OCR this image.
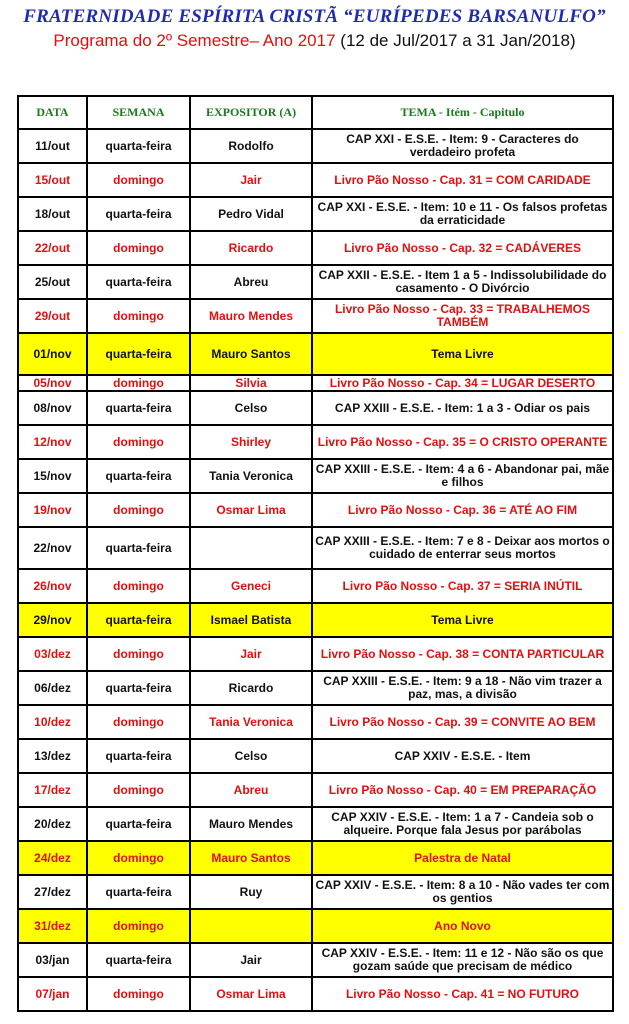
FRATERNIDADE ESPÍRITA CRISTÃ “EURÍPEDES BARSANULFO”
Programa do 2º Semestre– Ano 2017 (12 de Jul/2017 a 31 Jan/2018)
DATA	SEMANA	EXPOSITOR (A)	TEMA - Itém - Capitulo
11/out	quarta-feira	Rodolfo	CAP XXI - E.S.E. - Item: 9 - Caracteres do verdadeiro profeta
15/out	domingo	Jair	Livro Pão Nosso - Cap. 31 = COM CARIDADE
18/out	quarta-feira	Pedro Vidal	CAP XXI - E.S.E. - Item: 10 e 11 - Os falsos profetas da erraticidade
22/out	domingo	Ricardo	Livro Pão Nosso - Cap. 32 = CADÁVERES
25/out	quarta-feira	Abreu	CAP XXII - E.S.E. - Item 1 a 5 - Indissolubilidade do casamento - O Divórcio
29/out	domingo	Mauro Mendes	Livro Pão Nosso - Cap. 33 = TRABALHEMOS TAMBÉM
01/nov	quarta-feira	Mauro Santos	Tema Livre
05/nov	domingo	Silvia	Livro Pão Nosso - Cap. 34 = LUGAR DESERTO
08/nov	quarta-feira	Celso	CAP XXIII - E.S.E. - Item: 1 a 3 - Odiar os pais
12/nov	domingo	Shirley	Livro Pão Nosso - Cap. 35 = O CRISTO OPERANTE
15/nov	quarta-feira	Tania Veronica	CAP XXIII - E.S.E. - Item: 4 a 6 - Abandonar pai, mãe e filhos
19/nov	domingo	Osmar Lima	Livro Pão Nosso - Cap. 36 = ATÉ AO FIM
22/nov	quarta-feira		CAP XXIII - E.S.E. - Item: 7 e 8 - Deixar aos mortos o cuidado de enterrar seus mortos
26/nov	domingo	Geneci	Livro Pão Nosso - Cap. 37 = SERIA INÚTIL
29/nov	quarta-feira	Ismael Batista	Tema Livre
03/dez	domingo	Jair	Livro Pão Nosso - Cap. 38 = CONTA PARTICULAR
06/dez	quarta-feira	Ricardo	CAP XXIII - E.S.E. - Item: 9 a 18 - Não vim trazer a paz, mas, a divisão
10/dez	domingo	Tania Veronica	Livro Pão Nosso - Cap. 39 = CONVITE AO BEM
13/dez	quarta-feira	Celso	CAP XXIV - E.S.E. - Item
17/dez	domingo	Abreu	Livro Pão Nosso - Cap. 40 = EM PREPARAÇÃO
20/dez	quarta-feira	Mauro Mendes	CAP XXIV - E.S.E. - Item: 1 a 7 - Candeia sob o alqueire. Porque fala Jesus por parábolas
24/dez	domingo	Mauro Santos	Palestra de Natal
27/dez	quarta-feira	Ruy	CAP XXIV - E.S.E. - Item: 8 a 10 - Não vades ter com os gentios
31/dez	domingo		Ano Novo
03/jan	quarta-feira	Jair	CAP XXIV - E.S.E. - Item: 11 e 12 - Não são os que gozam saúde que precisam de médico
07/jan	domingo	Osmar Lima	Livro Pão Nosso - Cap. 41 = NO FUTURO
